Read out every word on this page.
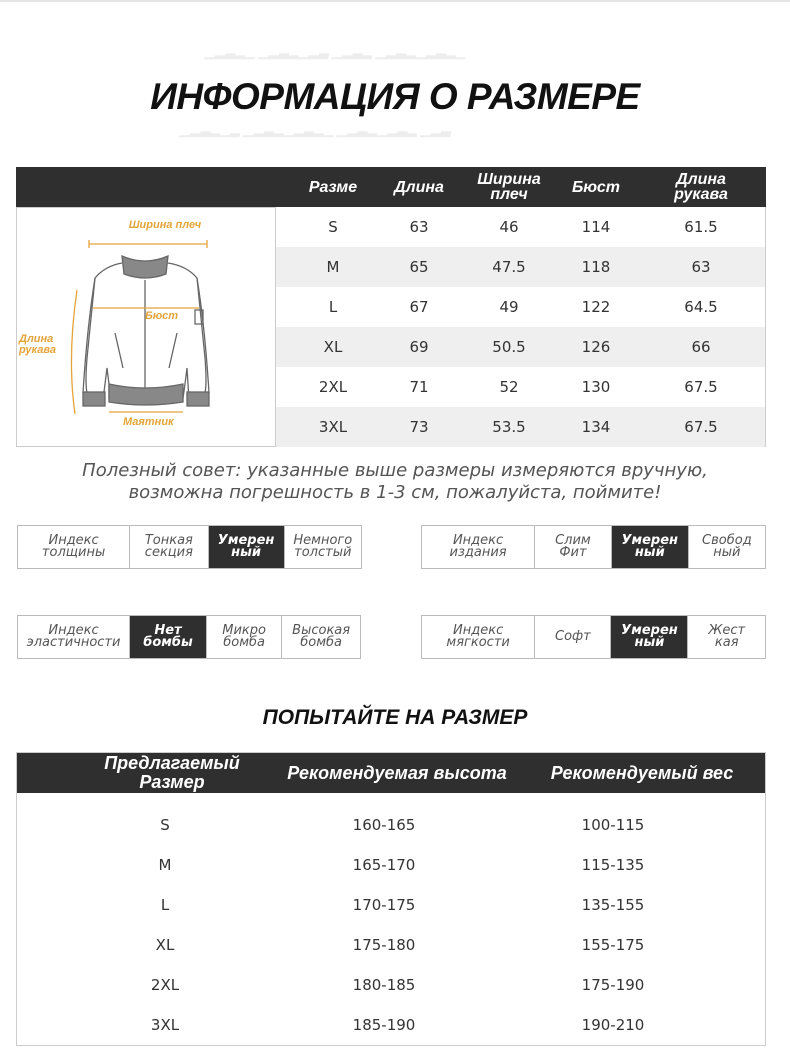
▁▂▃▂▁ ▁▂▃▂▁▂▃ ▁▂▃▂ ▁▂▃▂▁▂▃▂▁
▁▂▃▂▁▂ ▁▂▃▂▁▂▃▂▁ ▁▂▃▂▁▂▃▂ ▁▂▃
ИНФОРМАЦИЯ О РАЗМЕРЕ
Разме	Длина	Ширина плеч	Бюст	Длина рукава
Ширина плеч
Бюст
Длина рукава
Маятник
S	63	46	114	61.5
M	65	47.5	118	63
L	67	49	122	64.5
XL	69	50.5	126	66
2XL	71	52	130	67.5
3XL	73	53.5	134	67.5
Полезный совет: указанные выше размеры измеряются вручную,
возможна погрешность в 1-3 см, пожалуйста, поймите!
Индекс толщины
Тонкая секция
Умерен ный
Немного толстый
Индекс издания
Слим Фит
Умерен ный
Свобод ный
Индекс эластичности
Нет бомбы
Микро бомба
Высокая бомба
Индекс мягкости	Софт	Умерен ный
Жест кая
ПОПЫТАЙТЕ НА РАЗМЕР
Предлагаемый Размер	Рекомендуемая высота	Рекомендуемый вес
S	160-165	100-115
M	165-170	115-135
L	170-175	135-155
XL	175-180	155-175
2XL	180-185	175-190
3XL	185-190	190-210
